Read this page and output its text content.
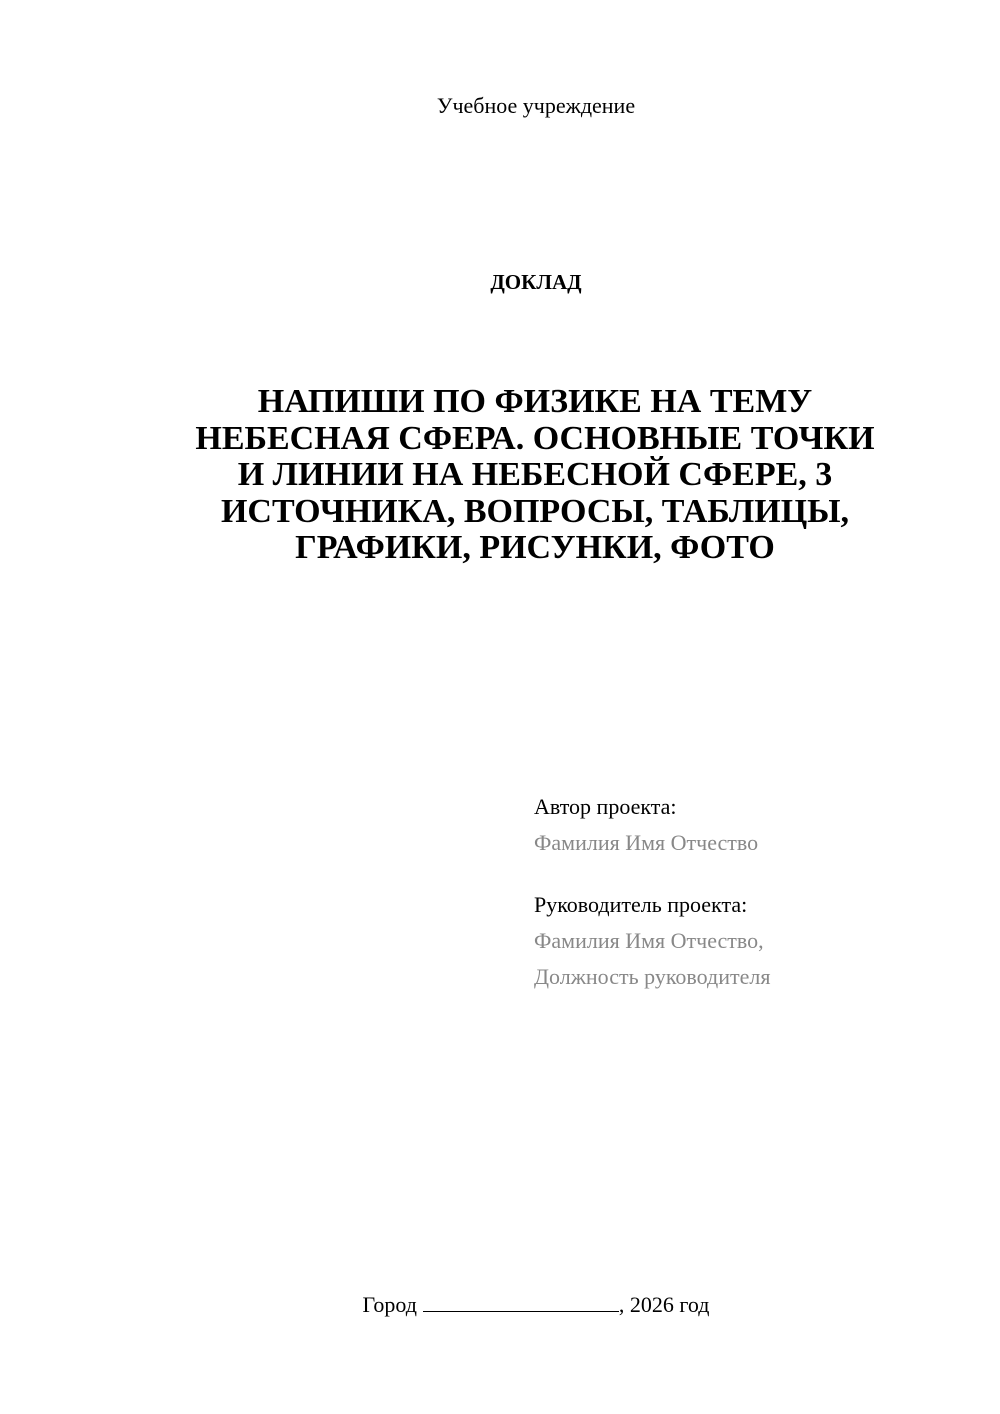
Учебное учреждение
ДОКЛАД
НАПИШИ ПО ФИЗИКЕ НА ТЕМУ
НЕБЕСНАЯ СФЕРА. ОСНОВНЫЕ ТОЧКИ
И ЛИНИИ НА НЕБЕСНОЙ СФЕРЕ, 3
ИСТОЧНИКА, ВОПРОСЫ, ТАБЛИЦЫ,
ГРАФИКИ, РИСУНКИ, ФОТО
Автор проекта:
Фамилия Имя Отчество
Руководитель проекта:
Фамилия Имя Отчество,
Должность руководителя
Город	, 2026 год
